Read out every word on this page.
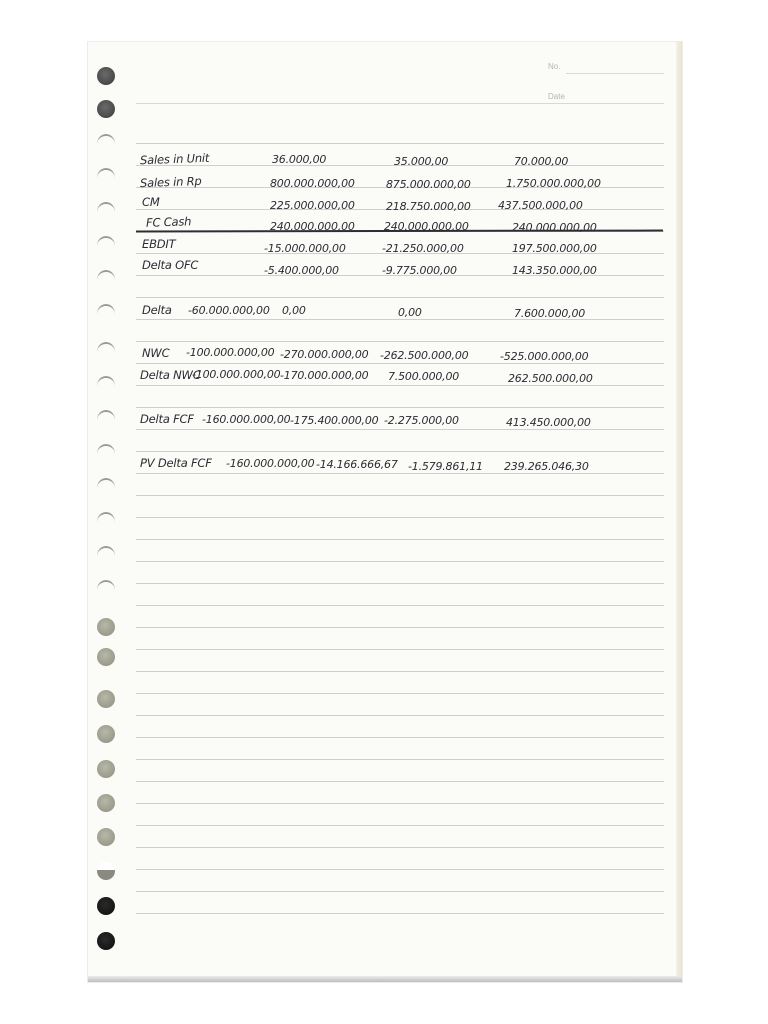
No.
Date
Sales in Unit	36.000,00	35.000,00	70.000,00
Sales in Rp	800.000.000,00	875.000.000,00	1.750.000.000,00
CM	225.000.000,00	218.750.000,00 437.500.000,00
FC Cash	240.000.000,00	240.000.000,00	240.000.000,00
EBDIT	-15.000.000,00	-21.250.000,00	197.500.000,00
Delta OFC	-5.400.000,00	-9.775.000,00	143.350.000,00
Delta -60.000.000,00 0,00	0,00	7.600.000,00
NWC -100.000.000,00 -270.000.000,00 -262.500.000,00	-525.000.000,00
Delta NWC
-100.000.000,00 -170.000.000,00 7.500.000,00	262.500.000,00
Delta FCF -160.000.000,00 -175.400.000,00 -2.275.000,00	413.450.000,00
PV Delta FCF -160.000.000,00 -14.166.666,67 -1.579.861,11 239.265.046,30
